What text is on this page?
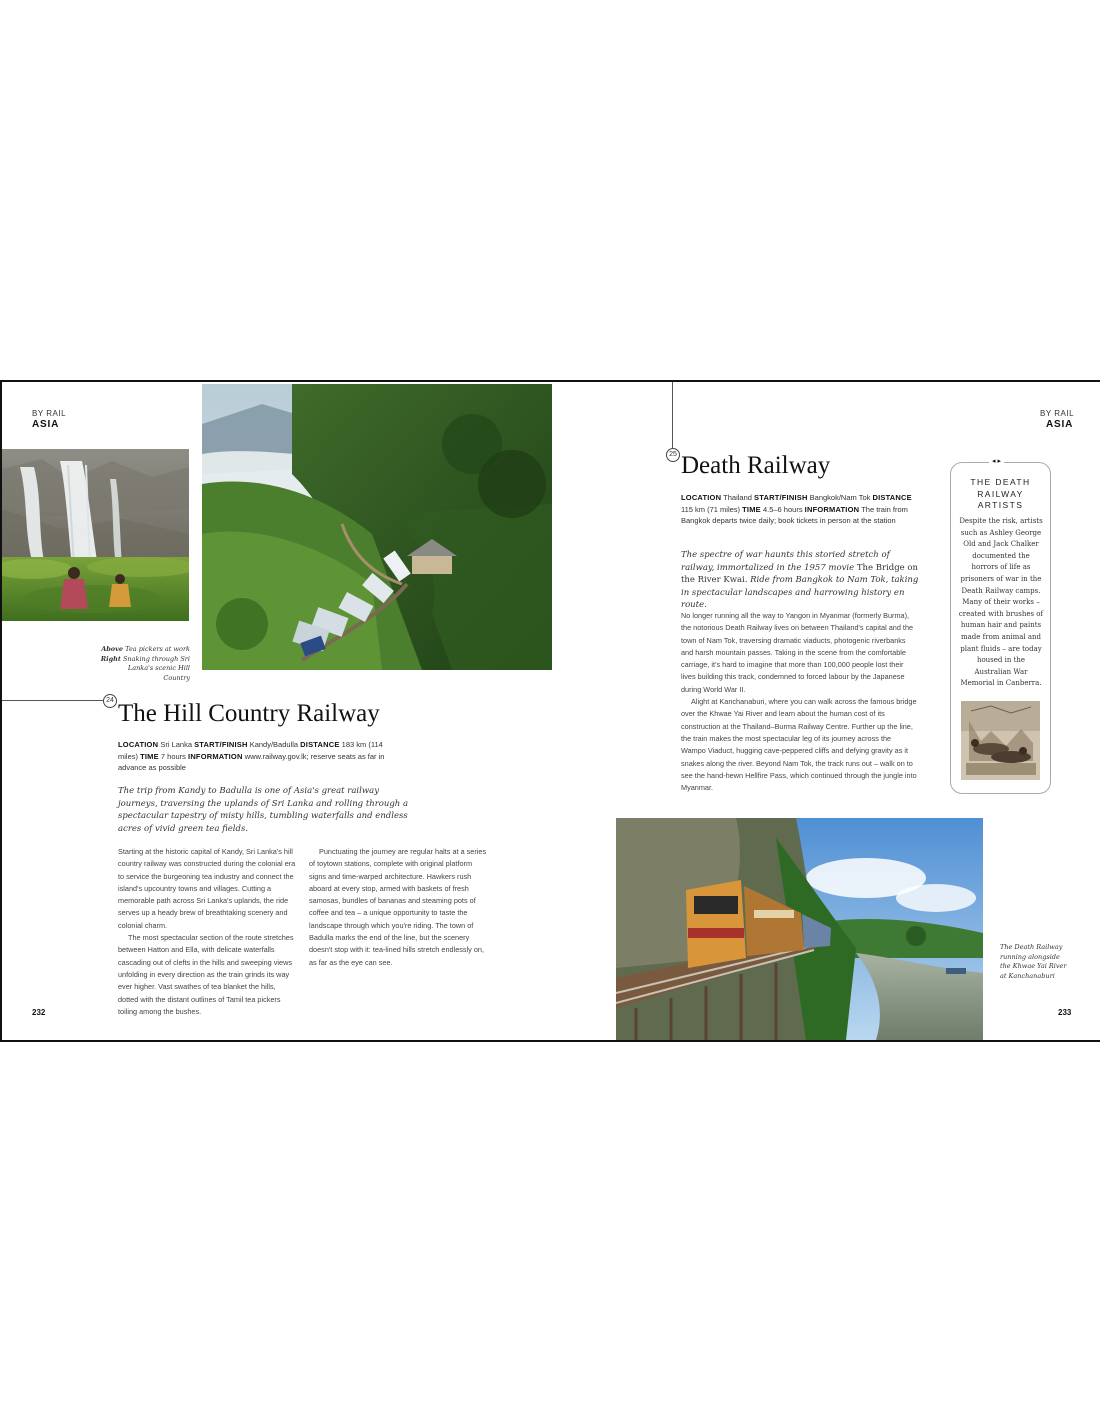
BY RAIL
ASIA
Above Tea pickers at work
Right Snaking through Sri Lanka's scenic Hill Country
24 The Hill Country Railway
LOCATION Sri Lanka START/FINISH Kandy/Badulla DISTANCE 183 km (114 miles) TIME 7 hours INFORMATION www.railway.gov.lk; reserve seats as far in advance as possible
The trip from Kandy to Badulla is one of Asia's great railway journeys, traversing the uplands of Sri Lanka and rolling through a spectacular tapestry of misty hills, tumbling waterfalls and endless acres of vivid green tea fields.

Starting at the historic capital of Kandy, Sri Lanka's hill country railway was constructed during the colonial era to service the burgeoning tea industry and connect the island's upcountry towns and villages. Cutting a memorable path across Sri Lanka's uplands, the ride serves up a heady brew of breathtaking scenery and colonial charm.

The most spectacular section of the route stretches between Hatton and Ella, with delicate waterfalls cascading out of clefts in the hills and sweeping views unfolding in every direction as the train grinds its way ever higher. Vast swathes of tea blanket the hills, dotted with the distant outlines of Tamil tea pickers toiling among the bushes.

Punctuating the journey are regular halts at a series of toytown stations, complete with original platform signs and time-warped architecture. Hawkers rush aboard at every stop, armed with baskets of fresh samosas, bundles of bananas and steaming pots of coffee and tea – a unique opportunity to taste the landscape through which you're riding. The town of Badulla marks the end of the line, but the scenery doesn't stop with it: tea-lined hills stretch endlessly on, as far as the eye can see.

232
BY RAIL
ASIA
25 Death Railway
LOCATION Thailand START/FINISH Bangkok/Nam Tok DISTANCE 115 km (71 miles) TIME 4.5–6 hours INFORMATION The train from Bangkok departs twice daily; book tickets in person at the station
The spectre of war haunts this storied stretch of railway, immortalized in the 1957 movie The Bridge on the River Kwai. Ride from Bangkok to Nam Tok, taking in spectacular landscapes and harrowing history en route.

No longer running all the way to Yangon in Myanmar (formerly Burma), the notorious Death Railway lives on between Thailand's capital and the town of Nam Tok, traversing dramatic viaducts, photogenic riverbanks and harsh mountain passes. Taking in the scene from the comfortable carriage, it's hard to imagine that more than 100,000 people lost their lives building this track, condemned to forced labour by the Japanese during World War II.

Alight at Kanchanaburi, where you can walk across the famous bridge over the Khwae Yai River and learn about the human cost of its construction at the Thailand–Burma Railway Centre. Further up the line, the train makes the most spectacular leg of its journey across the Wampo Viaduct, hugging cave-peppered cliffs and defying gravity as it snakes along the river. Beyond Nam Tok, the track runs out – walk on to see the hand-hewn Hellfire Pass, which continued through the jungle into Myanmar.

◂ ▸
THE DEATH RAILWAY ARTISTS
Despite the risk, artists such as Ashley George Old and Jack Chalker documented the horrors of life as prisoners of war in the Death Railway camps. Many of their works – created with brushes of human hair and paints made from animal and plant fluids – are today housed in the Australian War Memorial in Canberra.
The Death Railway running alongside the Khwae Yai River at Kanchanaburi
233
